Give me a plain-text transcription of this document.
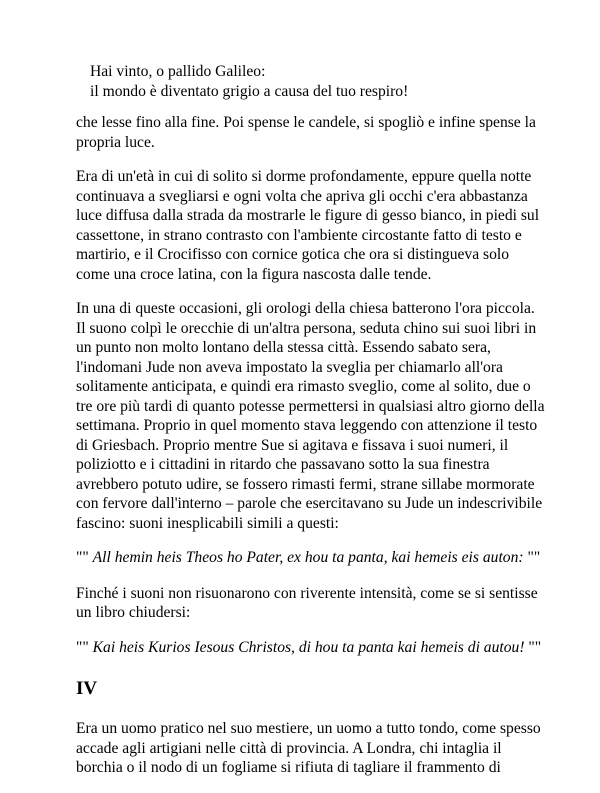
Hai vinto, o pallido Galileo:
il mondo è diventato grigio a causa del tuo respiro!

che lesse fino alla fine. Poi spense le candele, si spogliò e infine spense la propria luce.

Era di un'età in cui di solito si dorme profondamente, eppure quella notte continuava a svegliarsi e ogni volta che apriva gli occhi c'era abbastanza luce diffusa dalla strada da mostrarle le figure di gesso bianco, in piedi sul cassettone, in strano contrasto con l'ambiente circostante fatto di testo e martirio, e il Crocifisso con cornice gotica che ora si distingueva solo come una croce latina, con la figura nascosta dalle tende.

In una di queste occasioni, gli orologi della chiesa batterono l'ora piccola. Il suono colpì le orecchie di un'altra persona, seduta chino sui suoi libri in un punto non molto lontano della stessa città. Essendo sabato sera, l'indomani Jude non aveva impostato la sveglia per chiamarlo all'ora solitamente anticipata, e quindi era rimasto sveglio, come al solito, due o tre ore più tardi di quanto potesse permettersi in qualsiasi altro giorno della settimana. Proprio in quel momento stava leggendo con attenzione il testo di Griesbach. Proprio mentre Sue si agitava e fissava i suoi numeri, il poliziotto e i cittadini in ritardo che passavano sotto la sua finestra avrebbero potuto udire, se fossero rimasti fermi, strane sillabe mormorate con fervore dall'interno – parole che esercitavano su Jude un indescrivibile fascino: suoni inesplicabili simili a questi:

"" All hemin heis Theos ho Pater, ex hou ta panta, kai hemeis eis auton: ""

Finché i suoni non risuonarono con riverente intensità, come se si sentisse un libro chiudersi:

"" Kai heis Kurios Iesous Christos, di hou ta panta kai hemeis di autou! ""
IV

Era un uomo pratico nel suo mestiere, un uomo a tutto tondo, come spesso accade agli artigiani nelle città di provincia. A Londra, chi intaglia il borchia o il nodo di un fogliame si rifiuta di tagliare il frammento di
